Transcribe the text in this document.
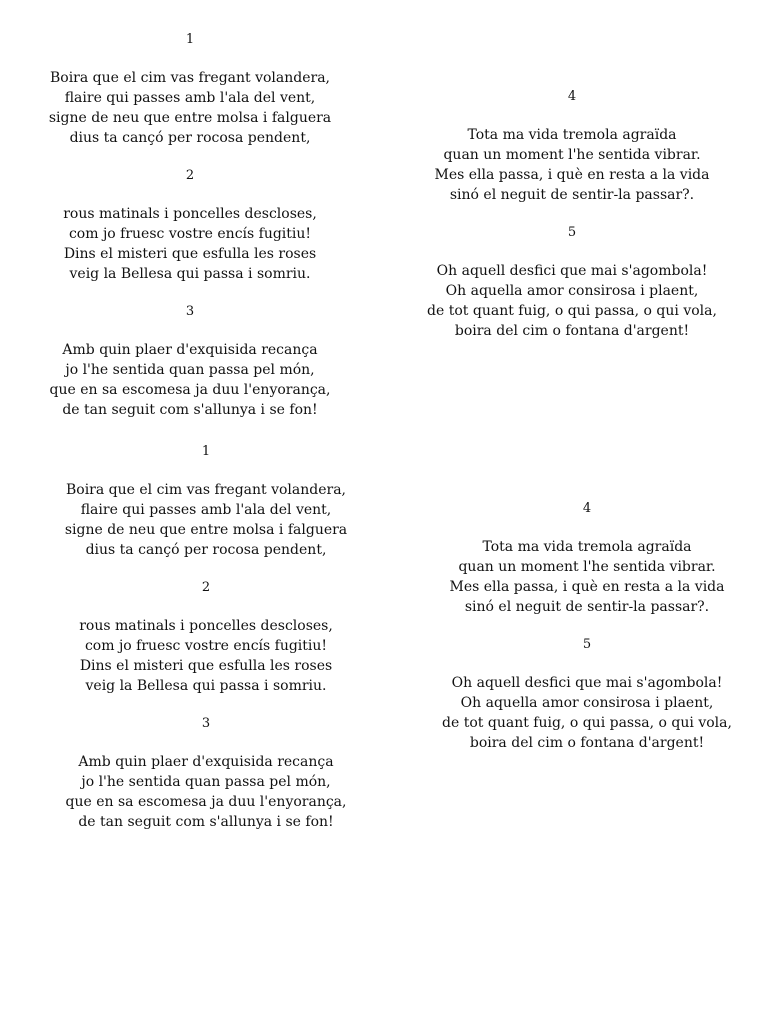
1
Boira que el cim vas fregant volandera,
flaire qui passes amb l'ala del vent,
signe de neu que entre molsa i falguera
dius ta cançó per rocosa pendent,
2
rous matinals i poncelles descloses,
com jo fruesc vostre encís fugitiu!
Dins el misteri que esfulla les roses
veig la Bellesa qui passa i somriu.
3
Amb quin plaer d'exquisida recança
jo l'he sentida quan passa pel món,
que en sa escomesa ja duu l'enyorança,
de tan seguit com s'allunya i se fon!
4
Tota ma vida tremola agraïda
quan un moment l'he sentida vibrar.
Mes ella passa, i què en resta a la vida
sinó el neguit de sentir-la passar?.
5
Oh aquell desfici que mai s'agombola!
Oh aquella amor consirosa i plaent,
de tot quant fuig, o qui passa, o qui vola,
boira del cim o fontana d'argent!
1
Boira que el cim vas fregant volandera,
flaire qui passes amb l'ala del vent,
signe de neu que entre molsa i falguera
dius ta cançó per rocosa pendent,
2
rous matinals i poncelles descloses,
com jo fruesc vostre encís fugitiu!
Dins el misteri que esfulla les roses
veig la Bellesa qui passa i somriu.
3
Amb quin plaer d'exquisida recança
jo l'he sentida quan passa pel món,
que en sa escomesa ja duu l'enyorança,
de tan seguit com s'allunya i se fon!
4
Tota ma vida tremola agraïda
quan un moment l'he sentida vibrar.
Mes ella passa, i què en resta a la vida
sinó el neguit de sentir-la passar?.
5
Oh aquell desfici que mai s'agombola!
Oh aquella amor consirosa i plaent,
de tot quant fuig, o qui passa, o qui vola,
boira del cim o fontana d'argent!
